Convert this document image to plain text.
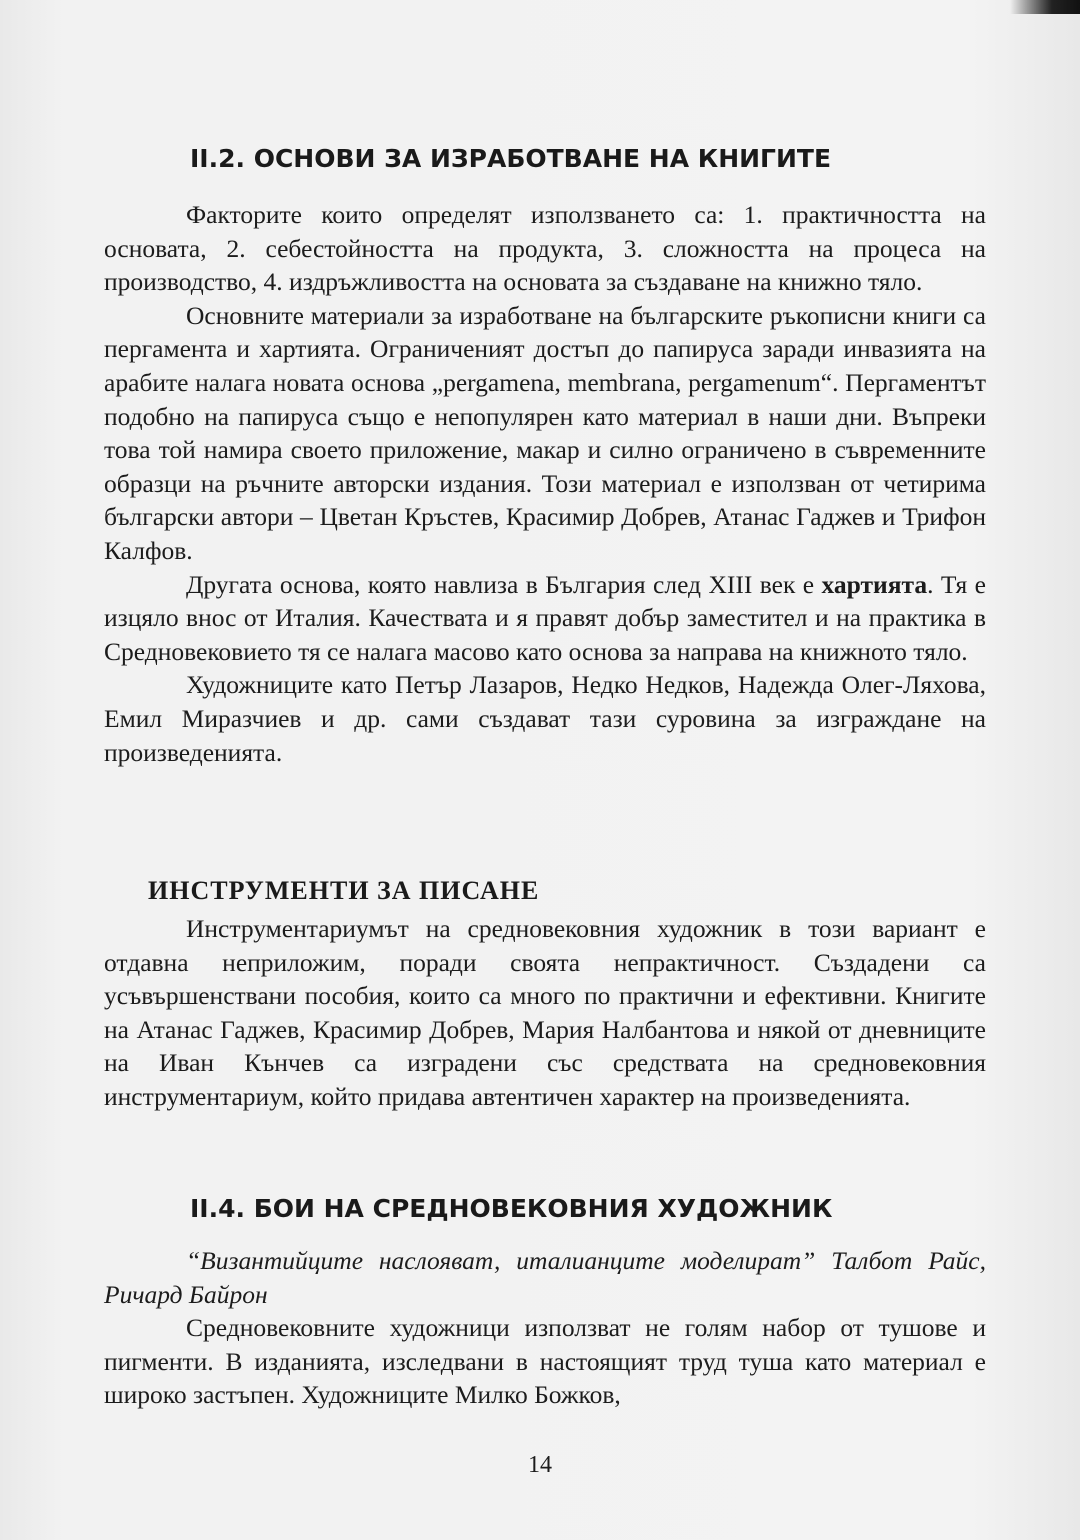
II.2. ОСНОВИ ЗА ИЗРАБОТВАНЕ НА КНИГИТЕ

Факторите които определят използването са: 1. практичността на основата, 2. себестойността на продукта, 3. сложността на процеса на производство, 4. издръжливостта на основата за създаване на книжно тяло.

Основните материали за изработване на българските ръкописни книги са пергамента и хартията. Ограниченият достъп до папируса заради инвазията на арабите налага новата основа „pergamena, membrana, pergamenum“. Пергаментът подобно на папируса също е непопулярен като материал в наши дни. Въпреки това той намира своето приложение, макар и силно ограничено в съвременните образци на ръчните авторски издания. Този материал е използван от четирима български автори – Цветан Кръстев, Красимир Добрев, Атанас Гаджев и Трифон Калфов.

Другата основа, която навлиза в България след XIII век е хартията. Тя е изцяло внос от Италия. Качествата и я правят добър заместител и на практика в Средновековието тя се налага масово като основа за направа на книжното тяло.

Художниците като Петър Лазаров, Недко Недков, Надежда Олег-Ляхова, Емил Миразчиев и др. сами създават тази суровина за изграждане на произведенията.

ИНСТРУМЕНТИ ЗА ПИСАНЕ

Инструментариумът на средновековния художник в този вариант е отдавна неприложим, поради своята непрактичност. Създадени са усъвършенствани пособия, които са много по практични и ефективни. Книгите на Атанас Гаджев, Красимир Добрев, Мария Налбантова и някой от дневниците на Иван Кънчев са изградени със средствата на средновековния инструментариум, който придава автентичен характер на произведенията.

II.4. БОИ НА СРЕДНОВЕКОВНИЯ ХУДОЖНИК

“Византийците наслояват, италианците моделират” Талбот Райс, Ричард Байрон

Средновековните художници използват не голям набор от тушове и пигменти. В изданията, изследвани в настоящият труд туша като материал е широко застъпен. Художниците Милко Божков,

14
